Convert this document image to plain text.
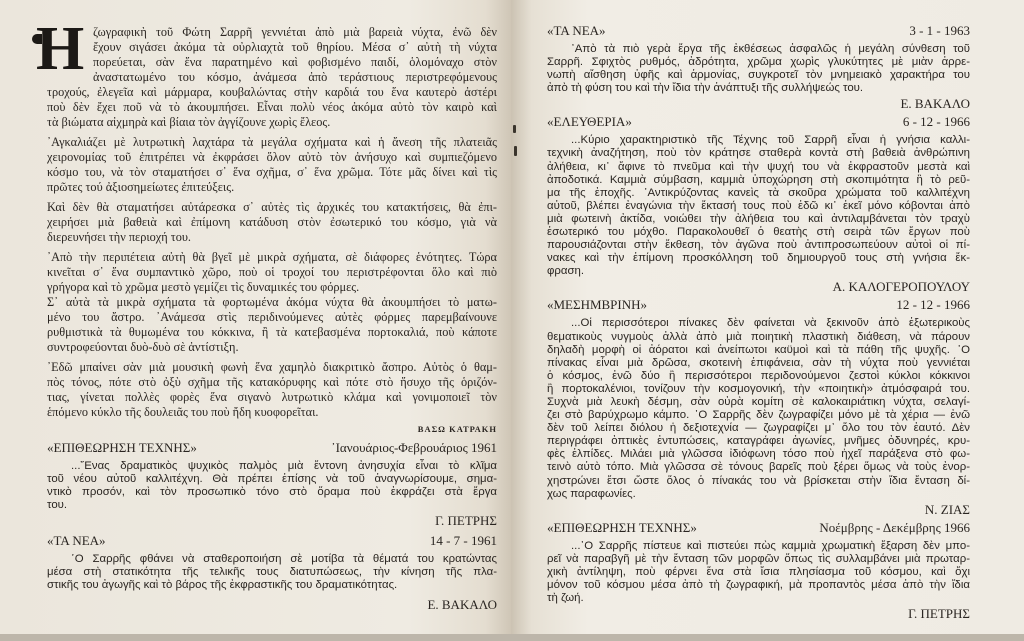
Η ζωγραφικὴ τοῦ Φώτη Σαρρῆ γεννιέται ἀπὸ μιὰ βαρειὰ νύχτα, ἐνῶ δὲν
ἔχουν σιγάσει ἀκόμα τὰ οὐρλιαχτὰ τοῦ θηρίου. Μέσα σ᾽ αὐτὴ τὴ νύχτα
πορεύεται, σὰν ἕνα παρατημένο καὶ φοβισμένο παιδί, ὁλομόναχο στὸν
ἀναστατωμένο του κόσμο, ἀνάμεσα ἀπὸ τεράστιους περιστρεφόμενους
τροχούς, ἐλεγεῖα καὶ μάρμαρα, κουβαλώντας στὴν καρδιά του ἕνα καυτερὸ ἀστέρι
ποὺ δὲν ἔχει ποῦ νὰ τὸ ἀκουμπήσει. Εἶναι πολὺ νέος ἀκόμα αὐτὸ τὸν καιρὸ καὶ
τὰ βιώματα αἰχμηρὰ καὶ βίαια τὸν ἀγγίζουνε χωρὶς ἔλεος.
᾿Αγκαλιάζει μὲ λυτρωτικὴ λαχτάρα τὰ μεγάλα σχήματα καὶ ἡ ἄνεση τῆς πλατειᾶς
χειρονομίας τοῦ ἐπιτρέπει νὰ ἐκφράσει ὅλον αὐτὸ τὸν ἀνήσυχο καὶ συμπιεζόμενο
κόσμο του, νὰ τὸν σταματήσει σ᾽ ἕνα σχῆμα, σ᾽ ἕνα χρῶμα. Τότε μᾶς δίνει καὶ τὶς
πρῶτες τού ἀξιοσημείωτες ἐπιτεύξεις.
Καὶ δὲν θὰ σταματήσει αὐτάρεσκα σ᾽ αὐτὲς τὶς ἀρχικές του κατακτήσεις, θὰ ἐπι-
χειρήσει μιὰ βαθειὰ καὶ ἐπίμονη κατάδυση στὸν ἐσωτερικό του κόσμο, γιὰ νὰ
διερευνήσει τὴν περιοχή του.
᾿Απὸ τὴν περιπέτεια αὐτὴ θὰ βγεῖ μὲ μικρὰ σχήματα, σὲ διάφορες ἑνότητες. Τώρα
κινεῖται σ᾽ ἕνα συμπαντικὸ χῶρο, ποὺ οἱ τροχοί του περιστρέφονται ὅλο καὶ πιὸ
γρήγορα καὶ τὸ χρῶμα μεστὸ γεμίζει τὶς δυναμικές του φόρμες.
Σ᾽ αὐτὰ τὰ μικρὰ σχήματα τὰ φορτωμένα ἀκόμα νύχτα θὰ ἀκουμπήσει τὸ ματω-
μένο του ἄστρο. ᾿Ανάμεσα στὶς περιδινούμενες αὐτὲς φόρμες παρεμβαίνουνε
ρυθμιστικὰ τὰ θυμωμένα του κόκκινα, ἢ τὰ κατεβασμένα πορτοκαλιά, ποὺ κάποτε
συντροφεύονται δυὸ-δυὸ σὲ ἀντίστιξη.
᾿Εδῶ μπαίνει σὰν μιὰ μουσικὴ φωνὴ ἕνα χαμηλὸ διακριτικὸ ἄσπρο. Αὐτὸς ὁ θαμ-
πὸς τόνος, πότε στὸ ὀξὺ σχῆμα τῆς κατακόρυφης καὶ πότε στὸ ἥσυχο τῆς ὁριζόν-
τιας, γίνεται πολλὲς φορὲς ἕνα σιγανὸ λυτρωτικὸ κλάμα καὶ γονιμοποιεῖ τὸν
ἑπόμενο κύκλο τῆς δουλειᾶς του ποὺ ἤδη κυοφορεῖται.
ΒΑΣΩ ΚΑΤΡΑΚΗ
«ΕΠΙΘΕΩΡΗΣΗ ΤΕΧΝΗΣ»	᾿Ιανουάριος-Φεβρουάριος 1961
...῞Ενας δραματικὸς ψυχικὸς παλμὸς μιὰ ἔντονη ἀνησυχία εἶναι τὸ κλῖμα
τοῦ νέου αὐτοῦ καλλιτέχνη. Θὰ πρέπει ἐπίσης νὰ τοῦ ἀναγνωρίσουμε, σημα-
ντικὸ προσόν, καὶ τὸν προσωπικὸ τόνο στὸ ὅραμα ποὺ ἐκφράζει στὰ ἔργα
του.
Γ. ΠΕΤΡΗΣ
«ΤΑ ΝΕΑ»	14 - 7 - 1961
῾Ο Σαρρῆς φθάνει νὰ σταθεροποιήση σὲ μοτίβα τὰ θέματά του κρατώντας
μέσα στὴ στατικότητα τῆς τελικῆς τους διατυπώσεως, τὴν κίνηση τῆς πλα-
στικῆς του ἀγωγῆς καὶ τὸ βάρος τῆς ἐκφραστικῆς του δραματικότητας.
Ε. ΒΑΚΑΛΟ
«ΤΑ ΝΕΑ»	3 - 1 - 1963
᾿Απὸ τὰ πιὸ γερὰ ἔργα τῆς ἐκθέσεως ἀσφαλῶς ἡ μεγάλη σύνθεση τοῦ
Σαρρῆ. Σφιχτὸς ρυθμός, ἁδρότητα, χρῶμα χωρὶς γλυκύτητες μὲ μιὰν ἀρρε-
νωπὴ αἴσθηση ὑφῆς καὶ ἁρμονίας, συγκροτεῖ τὸν μνημειακὸ χαρακτήρα του
ἀπὸ τὴ φύση του καὶ τὴν ἴδια τὴν ἀνάπτυξι τῆς συλλήψεώς του.
Ε. ΒΑΚΑΛΟ
«ΕΛΕΥΘΕΡΙΑ»	6 - 12 - 1966
...Κύριο χαρακτηριστικὸ τῆς Τέχνης τοῦ Σαρρῆ εἶναι ἡ γνήσια καλλι-
τεχνικὴ ἀναζήτηση, ποὺ τὸν κράτησε σταθερὰ κοντὰ στὴ βαθειὰ ἀνθρώπινη
ἀλήθεια, κι᾽ ἄφινε τὸ πνεῦμα καὶ τὴν ψυχή του νὰ ἐκφραστοῦν μεστὰ καὶ
ἀποδοτικά. Καμμιὰ σύμβαση, καμμιὰ ὑποχώρηση στὴ σκοπιμότητα ἢ τὸ ρεῦ-
μα τῆς ἐποχῆς. ᾿Αντικρύζοντας κανεὶς τὰ σκοῦρα χρώματα τοῦ καλλιτέχνη
αὐτοῦ, βλέπει ἐναγώνια τὴν ἔκτασή τους ποὺ ἐδῶ κι᾽ ἐκεῖ μόνο κόβονται ἀπὸ
μιὰ φωτεινὴ ἀκτίδα, νοιώθει τὴν ἀλήθεια του καὶ ἀντιλαμβάνεται τὸν τραχὺ
ἐσωτερικό του μόχθο. Παρακολουθεῖ ὁ θεατὴς στὴ σειρὰ τῶν ἔργων ποὺ
παρουσιάζονται στὴν ἔκθεση, τὸν ἀγῶνα ποὺ ἀντιπροσωπεύουν αὐτοὶ οἱ πί-
νακες καὶ τὴν ἐπίμονη προσκόλληση τοῦ δημιουργοῦ τους στὴ γνήσια ἔκ-
φραση.
Α. ΚΑΛΟΓΕΡΟΠΟΥΛΟΥ
«ΜΕΣΗΜΒΡΙΝΗ»	12 - 12 - 1966
...Οἱ περισσότεροι πίνακες δὲν φαίνεται νὰ ξεκινοῦν ἀπὸ ἐξωτερικοὺς
θεματικοὺς νυγμοὺς ἀλλὰ ἀπὸ μιὰ ποιητικὴ πλαστικὴ διάθεση, νὰ πάρουν
δηλαδὴ μορφὴ οἱ ἀόρατοι καὶ ἀνείπωτοι καϋμοὶ καὶ τὰ πάθη τῆς ψυχῆς. ῾Ο
πίνακας εἶναι μιὰ δρῶσα, σκοτεινὴ ἐπιφάνεια, σὰν τὴ νύχτα ποὺ γεννιέται
ὁ κόσμος, ἐνῶ δύο ἢ περισσότεροι περιδονούμενοι ζεστοὶ κύκλοι κόκκινοι
ἢ πορτοκαλένιοι, τονίζουν τὴν κοσμογονική, τὴν «ποιητικὴ» ἀτμόσφαιρά του.
Συχνὰ μιὰ λευκὴ δέσμη, σὰν οὐρὰ κομίτη σὲ καλοκαιριάτικη νύχτα, σελαγί-
ζει στὸ βαρύχρωμο κάμπο. ῾Ο Σαρρῆς δὲν ζωγραφίζει μόνο μὲ τὰ χέρια — ἐνῶ
δὲν τοῦ λείπει διόλου ἡ δεξιοτεχνία — ζωγραφίζει μ᾽ ὅλο του τὸν ἑαυτό. Δὲν
περιγράφει ὀπτικὲς ἐντυπώσεις, καταγράφει ἀγωνίες, μνῆμες ὀδυνηρές, κρυ-
φὲς ἐλπίδες. Μιλάει μιὰ γλῶσσα ἰδιόφωνη τόσο ποὺ ἠχεῖ παράξενα στὸ φω-
τεινὸ αὐτὸ τόπο. Μιὰ γλῶσσα σὲ τόνους βαρεῖς ποὺ ξέρει ὅμως νὰ τοὺς ἐνορ-
χηστρώνει ἔτσι ὥστε ὅλος ὁ πίνακάς του νὰ βρίσκεται στὴν ἴδια ἔνταση δί-
χως παραφωνίες.
Ν. ΖΙΑΣ
«ΕΠΙΘΕΩΡΗΣΗ ΤΕΧΝΗΣ»	Νοέμβρης - Δεκέμβρης 1966
...῾Ο Σαρρῆς πίστευε καὶ πιστεύει πὼς καμμιὰ χρωματικὴ ἔξαρση δὲν μπο-
ρεῖ νὰ παραβγῆ μὲ τὴν ἔνταση τῶν μορφῶν ὅπως τὶς συλλαμβάνει μιὰ πρωταρ-
χικὴ ἀντίληψη, ποὺ φέρνει ἕνα στὰ ἴσια πλησίασμα τοῦ κόσμου, καὶ ὄχι
μόνον τοῦ κόσμου μέσα ἀπὸ τὴ ζωγραφική, μὰ προπαντὸς μέσα ἀπὸ τὴν ἴδια
τὴ ζωή.
Γ. ΠΕΤΡΗΣ
